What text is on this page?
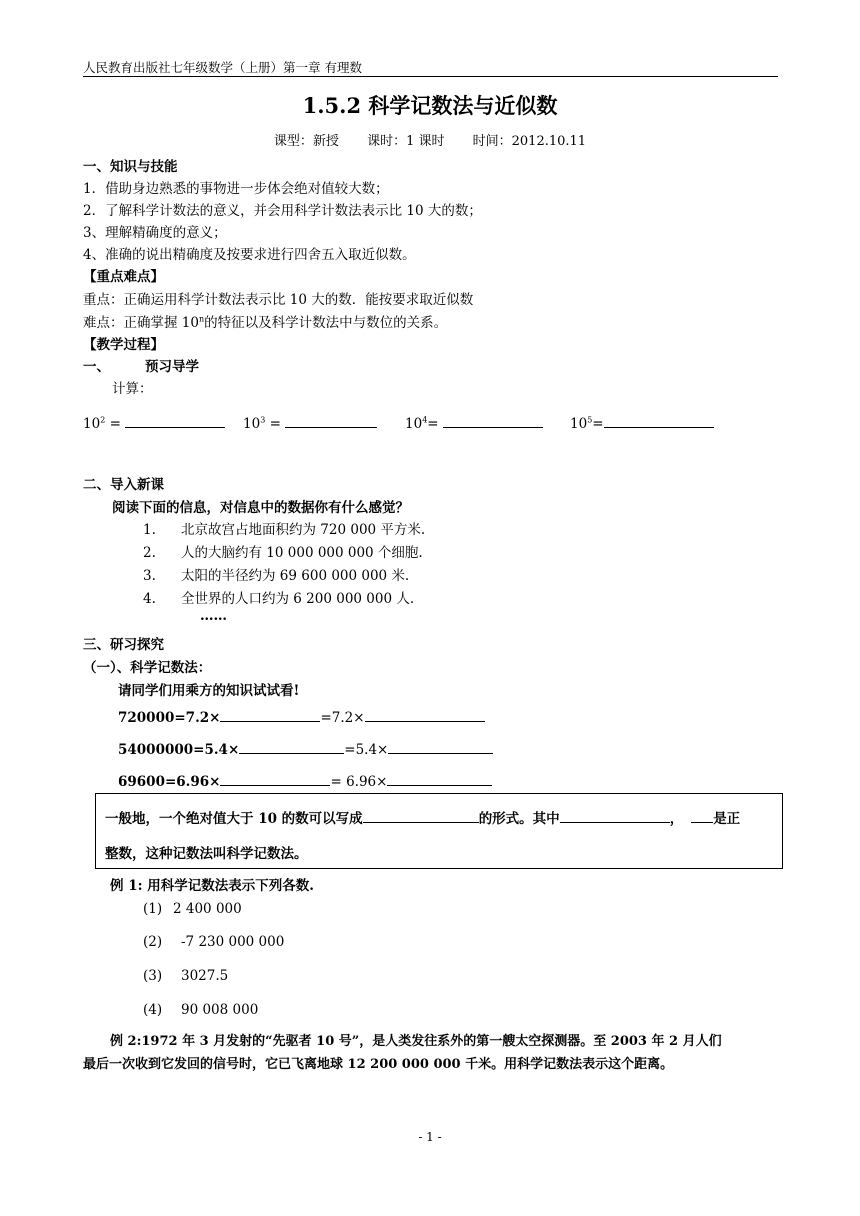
人民教育出版社七年级数学（上册）第一章 有理数
1.5.2 科学记数法与近似数
课型：新授 课时：1 课时 时间：2012.10.11
一、知识与技能
1．借助身边熟悉的事物进一步体会绝对值较大数；
2．了解科学计数法的意义，并会用科学计数法表示比 10 大的数；
3、理解精确度的意义；
4、准确的说出精确度及按要求进行四舍五入取近似数。
【重点难点】
重点：正确运用科学计数法表示比 10 大的数．能按要求取近似数
难点：正确掌握 10$^n$的特征以及科学计数法中与数位的关系。
【教学过程】
一、	预习导学
计算：
$10^2$ =	$10^3$ =	$10^4=$	$10^5=$
二、导入新课
阅读下面的信息，对信息中的数据你有什么感觉？
1. 北京故宫占地面积约为 720 000 平方米.
2. 人的大脑约有 10 000 000 000 个细胞.
3. 太阳的半径约为 69 600 000 000 米.
4. 全世界的人口约为 6 200 000 000 人.
……
三、研习探究
（一）、科学记数法：
请同学们用乘方的知识试试看!
720000=7.2×	=7.2×
54000000=5.4×	=5.4×
69600=6.96×	= 6.96×
一般地，一个绝对值大于 10 的数可以写成	的形式。其中	， 是正
整数，这种记数法叫科学记数法。
例 1: 用科学记数法表示下列各数.
(1) 2 400 000
(2) -7 230 000 000
(3) 3027.5
(4) 90 008 000
例 2:1972 年 3 月发射的“先驱者 10 号”，是人类发往系外的第一艘太空探测器。至 2003 年 2 月人们
最后一次收到它发回的信号时，它已飞离地球 12 200 000 000 千米。用科学记数法表示这个距离。
- 1 -
